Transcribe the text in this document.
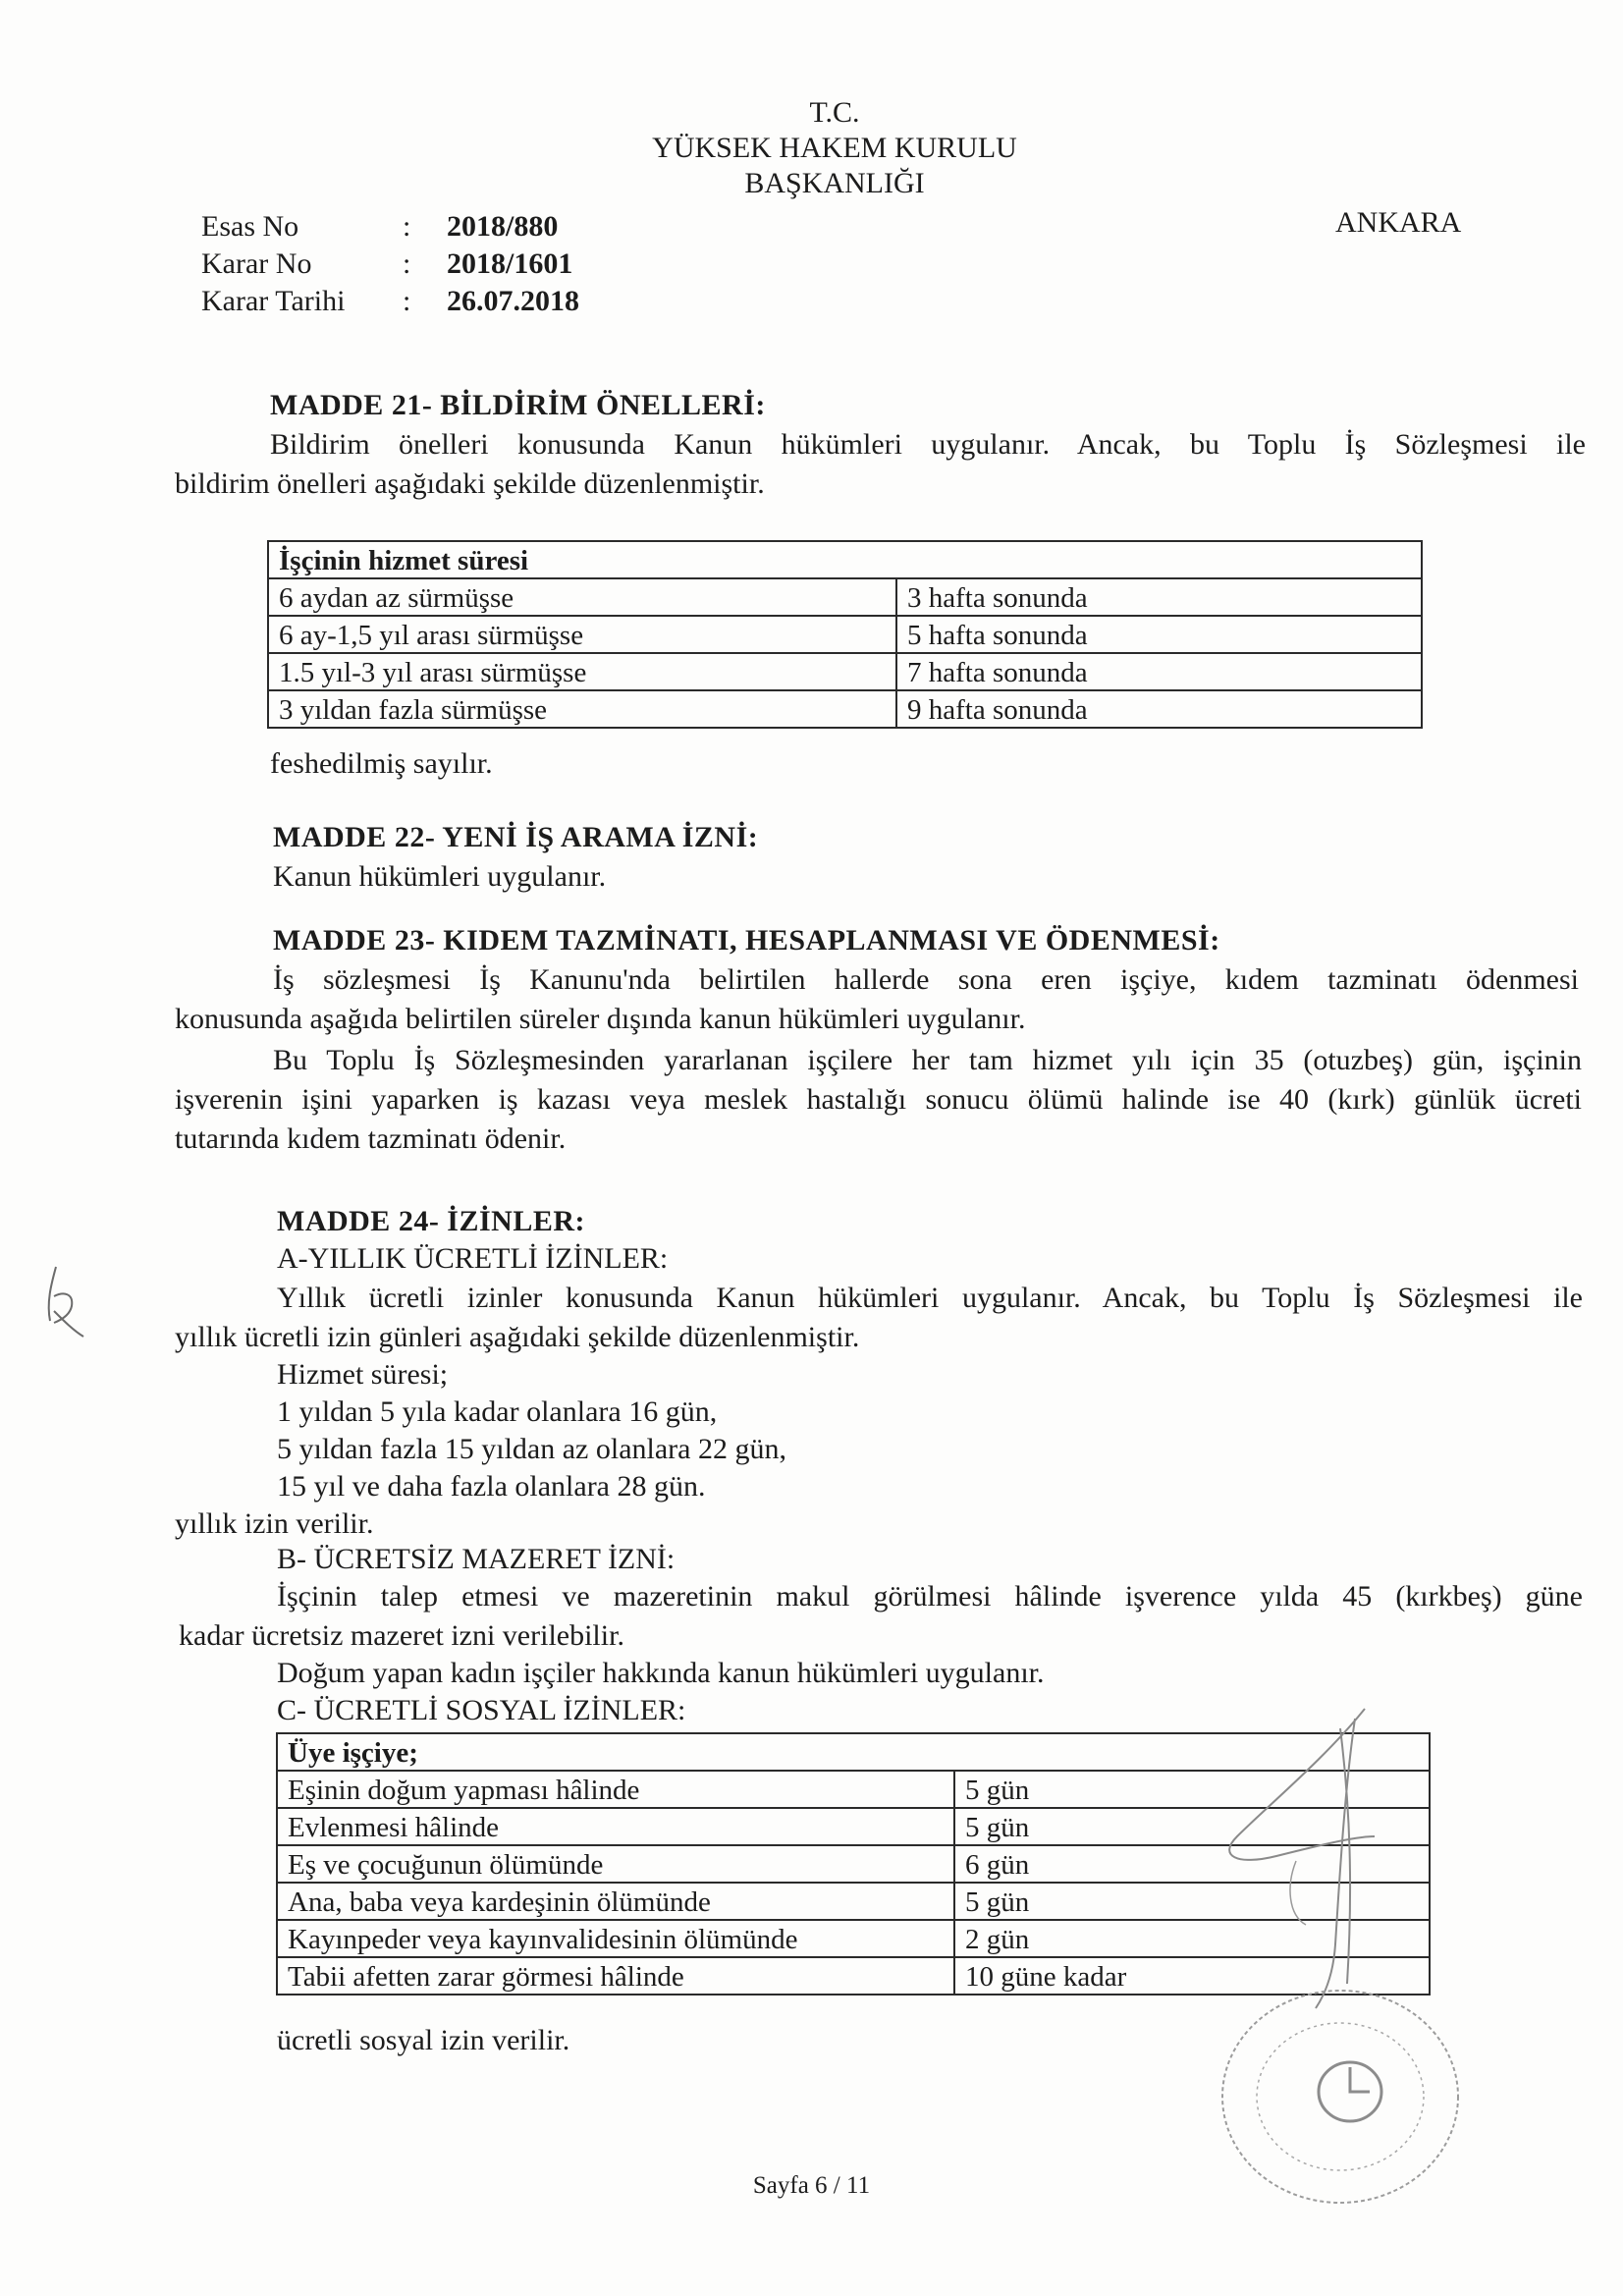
T.C.
YÜKSEK HAKEM KURULU
BAŞKANLIĞI
ANKARA
Esas No	:	2018/880
Karar No	:	2018/1601
Karar Tarihi	:	26.07.2018
MADDE 21- BİLDİRİM ÖNELLERİ:
Bildirim önelleri konusunda Kanun hükümleri uygulanır. Ancak, bu Toplu İş Sözleşmesi ile
bildirim önelleri aşağıdaki şekilde düzenlenmiştir.
İşçinin hizmet süresi	
6 aydan az sürmüşse	3 hafta sonunda
6 ay-1,5 yıl arası sürmüşse	5 hafta sonunda
1.5 yıl-3 yıl arası sürmüşse	7 hafta sonunda
3 yıldan fazla sürmüşse	9 hafta sonunda
feshedilmiş sayılır.
MADDE 22- YENİ İŞ ARAMA İZNİ:
Kanun hükümleri uygulanır.
MADDE 23- KIDEM TAZMİNATI, HESAPLANMASI VE ÖDENMESİ:
İş sözleşmesi İş Kanunu'nda belirtilen hallerde sona eren işçiye, kıdem tazminatı ödenmesi
konusunda aşağıda belirtilen süreler dışında kanun hükümleri uygulanır.
Bu Toplu İş Sözleşmesinden yararlanan işçilere her tam hizmet yılı için 35 (otuzbeş) gün, işçinin
işverenin işini yaparken iş kazası veya meslek hastalığı sonucu ölümü halinde ise 40 (kırk) günlük ücreti
tutarında kıdem tazminatı ödenir.
MADDE 24- İZİNLER:
A-YILLIK ÜCRETLİ İZİNLER:
Yıllık ücretli izinler konusunda Kanun hükümleri uygulanır. Ancak, bu Toplu İş Sözleşmesi ile
yıllık ücretli izin günleri aşağıdaki şekilde düzenlenmiştir.
Hizmet süresi;
1 yıldan 5 yıla kadar olanlara 16 gün,
5 yıldan fazla 15 yıldan az olanlara 22 gün,
15 yıl ve daha fazla olanlara 28 gün.
yıllık izin verilir.
B- ÜCRETSİZ MAZERET İZNİ:
İşçinin talep etmesi ve mazeretinin makul görülmesi hâlinde işverence yılda 45 (kırkbeş) güne
kadar ücretsiz mazeret izni verilebilir.
Doğum yapan kadın işçiler hakkında kanun hükümleri uygulanır.
C- ÜCRETLİ SOSYAL İZİNLER:
Üye işçiye;	
Eşinin doğum yapması hâlinde	5 gün
Evlenmesi hâlinde	5 gün
Eş ve çocuğunun ölümünde	6 gün
Ana, baba veya kardeşinin ölümünde	5 gün
Kayınpeder veya kayınvalidesinin ölümünde	2 gün
Tabii afetten zarar görmesi hâlinde	10 güne kadar
ücretli sosyal izin verilir.
Sayfa 6 / 11
